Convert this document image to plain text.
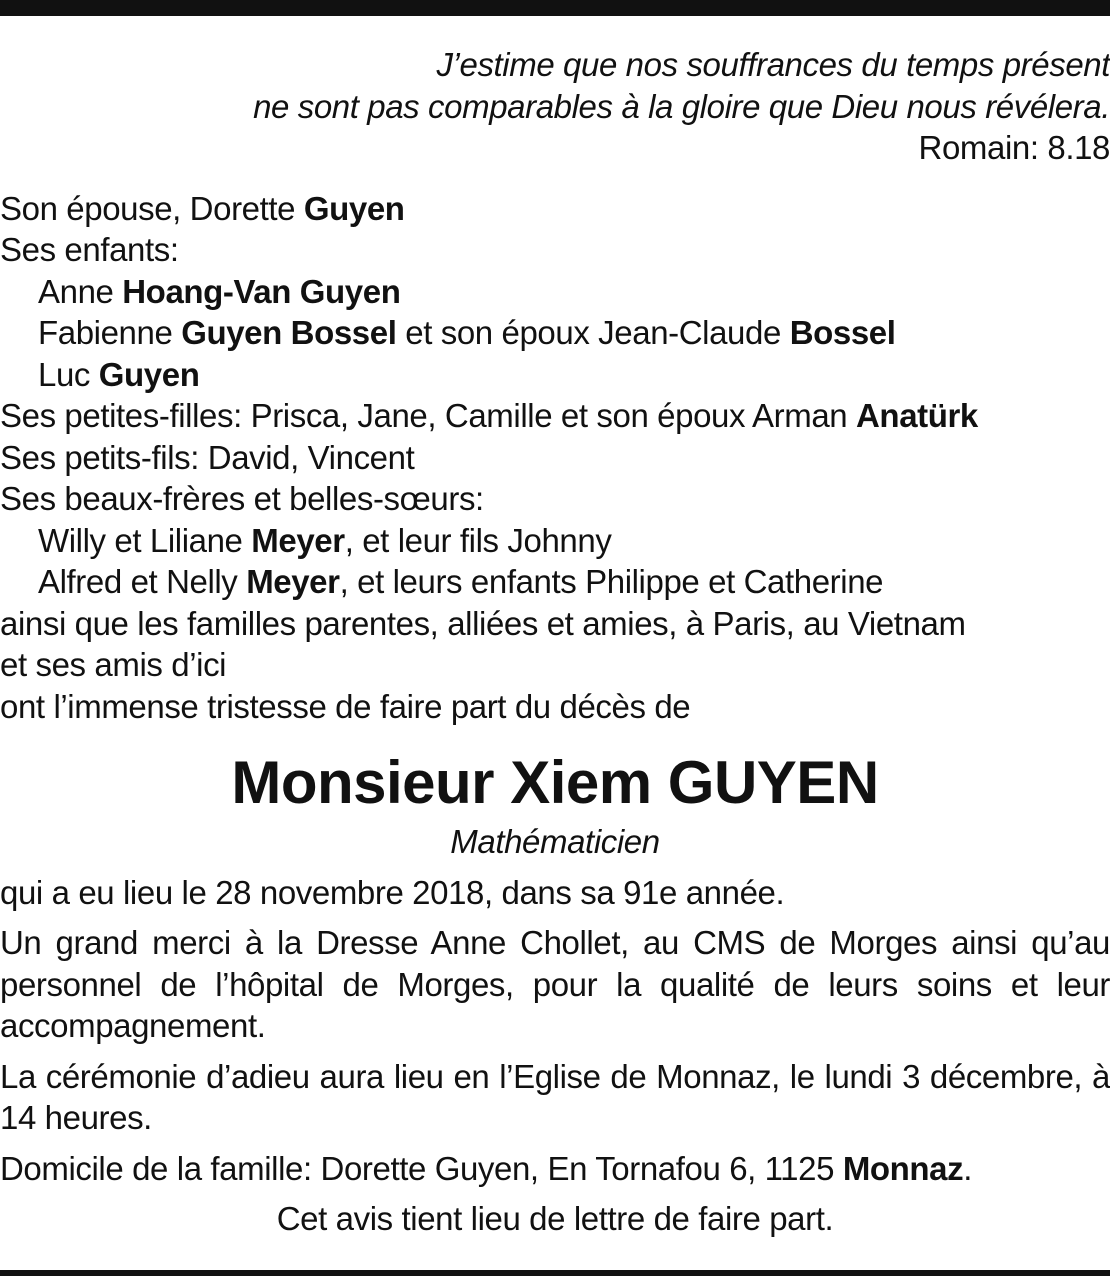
J’estime que nos souffrances du temps présent
ne sont pas comparables à la gloire que Dieu nous révélera.
Romain: 8.18
Son épouse, Dorette Guyen
Ses enfants:
Anne Hoang-Van Guyen
Fabienne Guyen Bossel et son époux Jean-Claude Bossel
Luc Guyen
Ses petites-filles: Prisca, Jane, Camille et son époux Arman Anatürk
Ses petits-fils: David, Vincent
Ses beaux-frères et belles-sœurs:
Willy et Liliane Meyer, et leur fils Johnny
Alfred et Nelly Meyer, et leurs enfants Philippe et Catherine
ainsi que les familles parentes, alliées et amies, à Paris, au Vietnam
et ses amis d’ici
ont l’immense tristesse de faire part du décès de
Monsieur Xiem GUYEN
Mathématicien
qui a eu lieu le 28 novembre 2018, dans sa 91e année.
Un grand merci à la Dresse Anne Chollet, au CMS de Morges ainsi qu’au personnel de l’hôpital de Morges, pour la qualité de leurs soins et leur accompagnement.
La cérémonie d’adieu aura lieu en l’Eglise de Monnaz, le lundi 3 décembre, à 14 heures.
Domicile de la famille: Dorette Guyen, En Tornafou 6, 1125 Monnaz.
Cet avis tient lieu de lettre de faire part.
